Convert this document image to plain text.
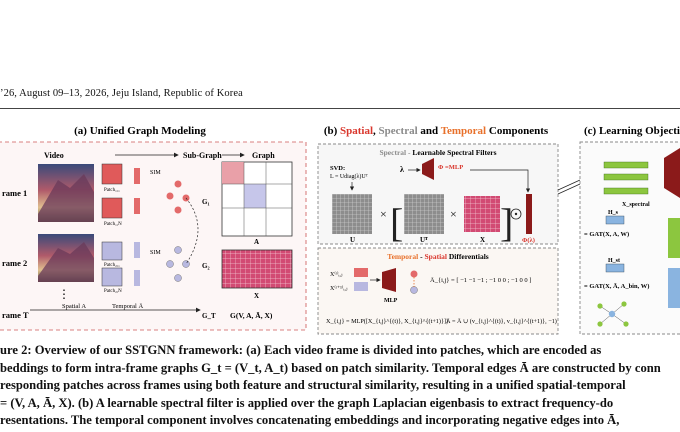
’26, August 09–13, 2026, Jeju Island, Republic of Korea
(a) Unified Graph Modeling
Video	Sub-Graph	Graph
rame 1
rame 2
rame T
⋮
Patch₁,₁
Patch₁,N
Patch₂,₁
Patch₂,N
SIM
SIM
G₁
G₂
G_T
A
X
G(V, A, Ā, X)
Spatial A	Temporal Ā
(b) Spatial, Spectral and Temporal Components
Spectral - Learnable Spectral Filters
SVD:
L = Udiag(λ)Uᵀ
λ	Φ =MLP
U
× [ Uᵀ
×
X ] Φ(λ)
Temporal - Spatial Differentials
X⁽ᵗ⁾ᵢ,ⱼ
X⁽ᵗ⁺¹⁾ᵢ,ⱼ
MLP
Ā_{i,j} = [ −1 −1 −1 ; −1 0 0 ; −1 0 0 ]
X_{i,j} = MLP([X_{i,j}^{(t)}, X_{i,j}^{(t+1)}])
Ā = Ā ∪ (v_{i,j}^{(t)}, v_{i,j}^{(t+1)}, −1)
(c) Learning Objecti
X_spectral
H_s
= GAT(X, A, W)
H_st
= GAT(X, Ā, A_bin, W)
ure 2: Overview of our SSTGNN framework: (a) Each video frame is divided into patches, which are encoded as
beddings to form intra-frame graphs G_t = (V_t, A_t) based on patch similarity. Temporal edges Ā are constructed by conn
responding patches across frames using both feature and structural similarity, resulting in a unified spatial-temporal
= (V, A, Ā, X). (b) A learnable spectral filter is applied over the graph Laplacian eigenbasis to extract frequency-do
resentations. The temporal component involves concatenating embeddings and incorporating negative edges into Ā,
